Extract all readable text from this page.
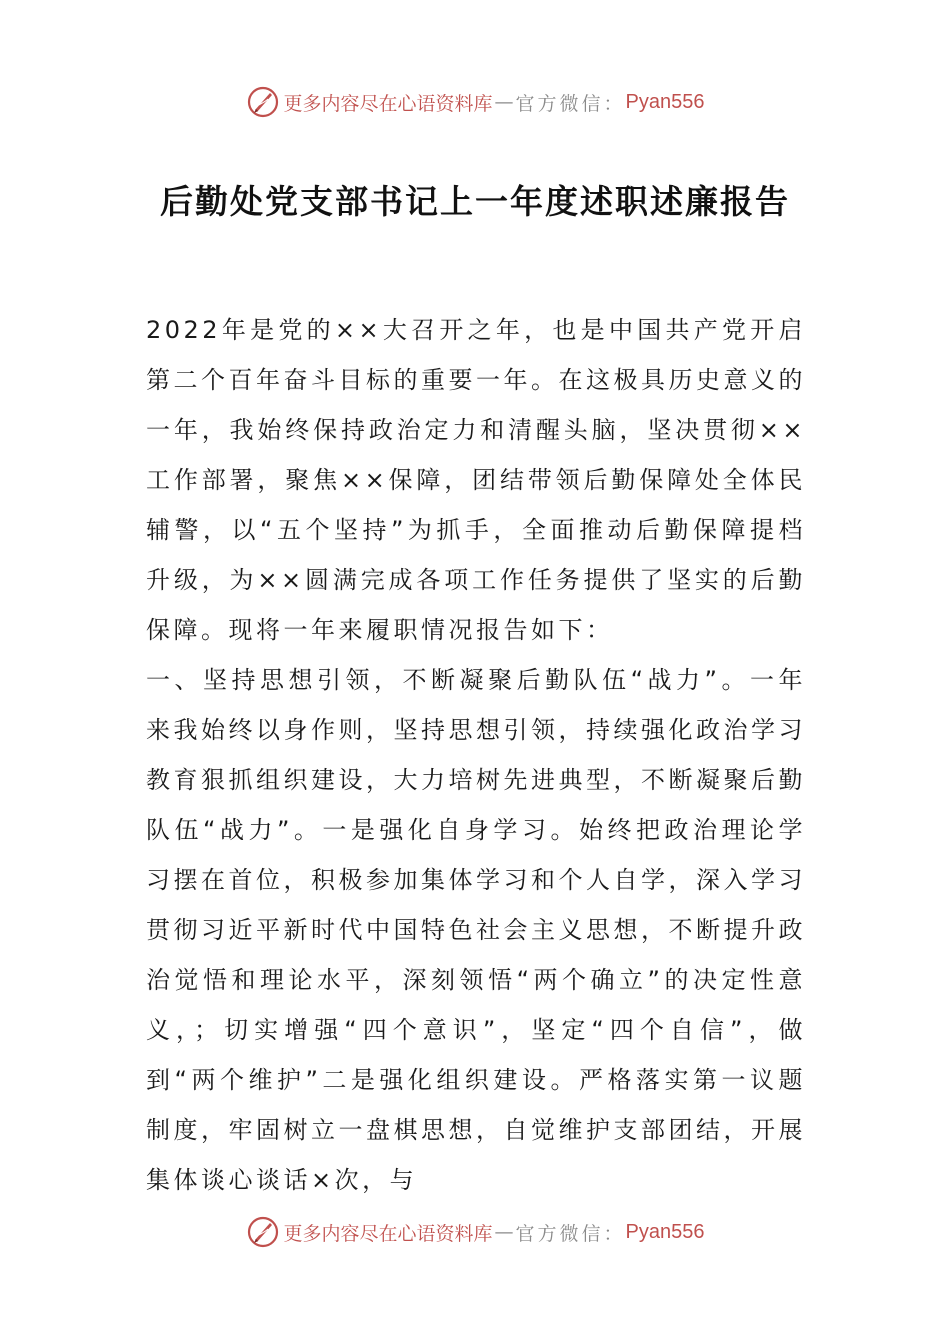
更多内容尽在心语资料库 — 官方微信： Pyan556
后勤处党支部书记上一年度述职述廉报告

2022年是党的××大召开之年，也是中国共产党开启第二个百年奋斗目标的重要一年。在这极具历史意义的一年，我始终保持政治定力和清醒头脑，坚决贯彻××工作部署，聚焦××保障，团结带领后勤保障处全体民辅警，以“五个坚持”为抓手，全面推动后勤保障提档升级，为××圆满完成各项工作任务提供了坚实的后勤保障。现将一年来履职情况报告如下：

一、坚持思想引领，不断凝聚后勤队伍“战力”。一年来我始终以身作则，坚持思想引领，持续强化政治学习教育狠抓组织建设，大力培树先进典型，不断凝聚后勤队伍“战力”。一是强化自身学习。始终把政治理论学习摆在首位，积极参加集体学习和个人自学，深入学习贯彻习近平新时代中国特色社会主义思想，不断提升政治觉悟和理论水平，深刻领悟“两个确立”的决定性意义，；切实增强“四个意识”，坚定“四个自信”，做到“两个维护”二是强化组织建设。严格落实第一议题制度，牢固树立一盘棋思想，自觉维护支部团结，开展集体谈心谈话×次，与

更多内容尽在心语资料库 — 官方微信： Pyan556
